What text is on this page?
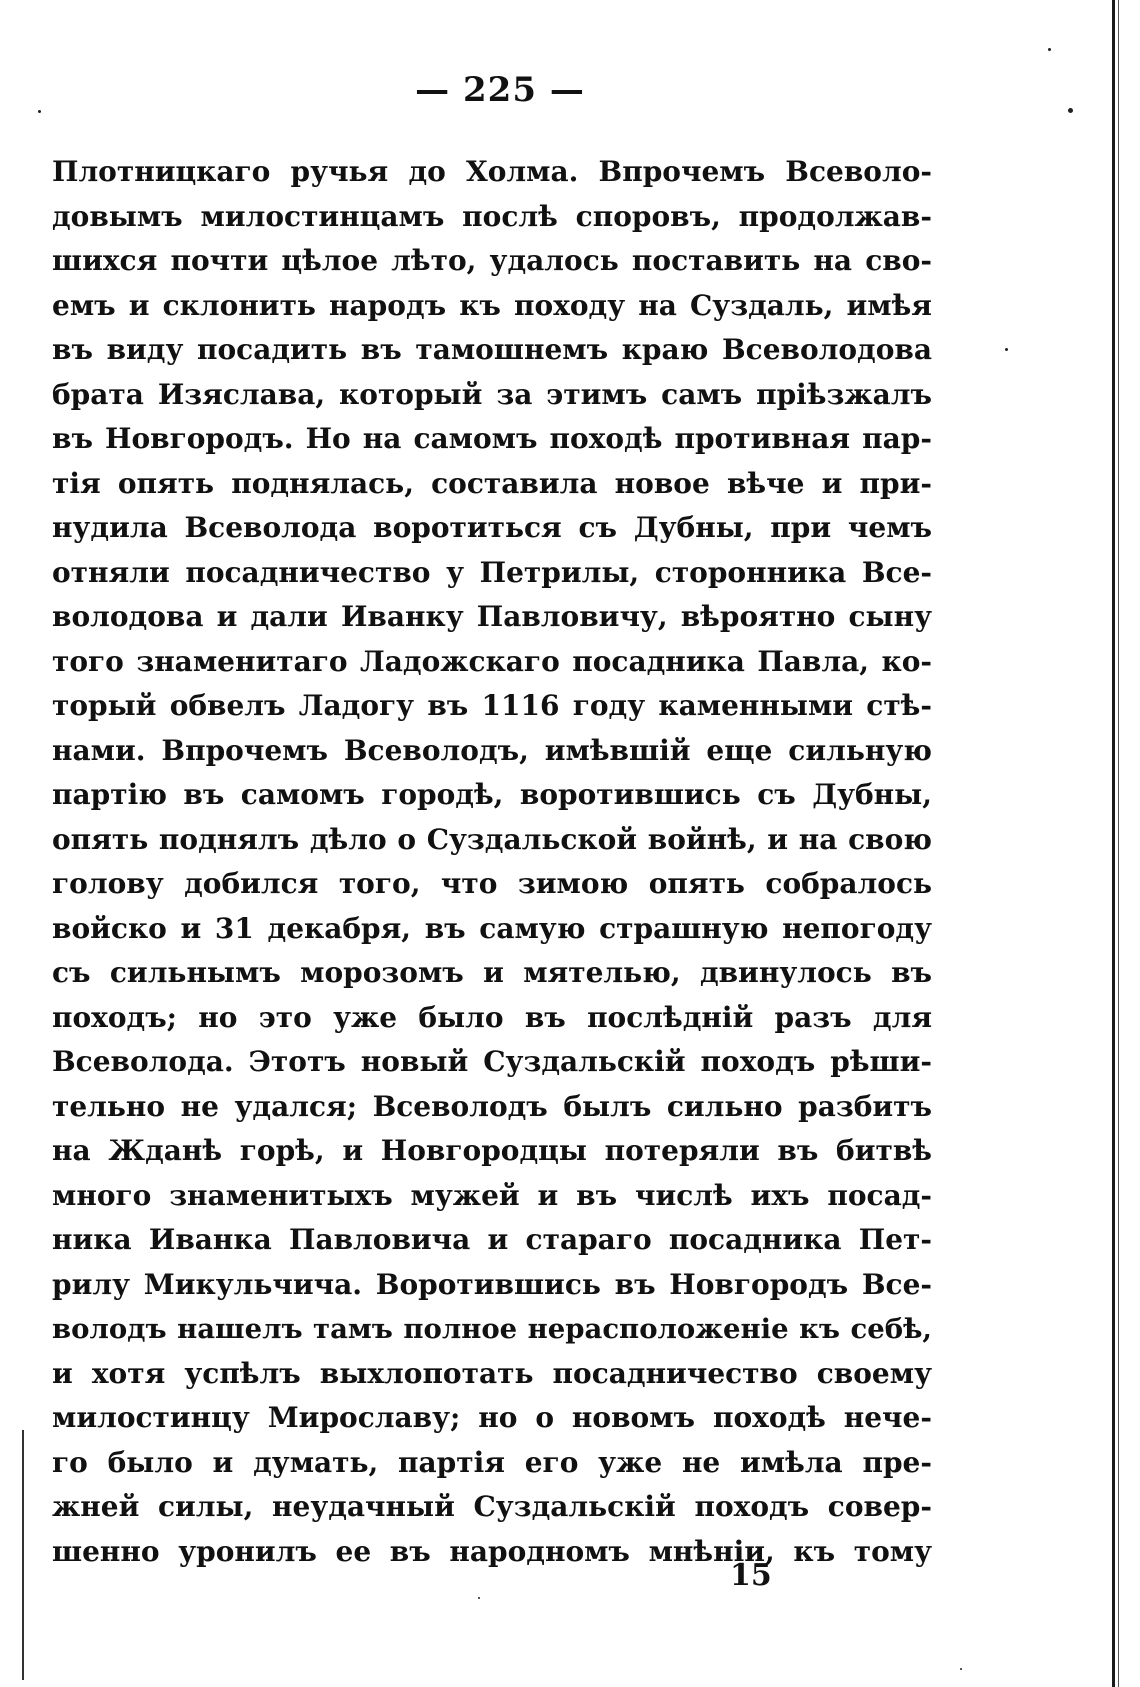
— 225 —
Плотницкаго ручья до Холма. Впрочемъ Всеволо-
довымъ милостинцамъ послѣ споровъ, продолжав-
шихся почти цѣлое лѣто, удалось поставить на сво-
емъ и склонить народъ къ походу на Суздаль, имѣя
въ виду посадить въ тамошнемъ краю Всеволодова
брата Изяслава, который за этимъ самъ прiѣзжалъ
въ Новгородъ. Но на самомъ походѣ противная пар-
тiя опять поднялась, составила новое вѣче и при-
нудила Всеволода воротиться съ Дубны, при чемъ
отняли посадничество у Петрилы, сторонника Все-
володова и дали Иванку Павловичу, вѣроятно сыну
того знаменитаго Ладожскаго посадника Павла, ко-
торый обвелъ Ладогу въ 1116 году каменными стѣ-
нами. Впрочемъ Всеволодъ, имѣвшiй еще сильную
партiю въ самомъ городѣ, воротившись съ Дубны,
опять поднялъ дѣло о Суздальской войнѣ, и на свою
голову добился того, что зимою опять собралось
войско и 31 декабря, въ самую страшную непогоду
съ сильнымъ морозомъ и мятелью, двинулось въ
походъ; но это уже было въ послѣднiй разъ для
Всеволода. Этотъ новый Суздальскiй походъ рѣши-
тельно не удался; Всеволодъ былъ сильно разбитъ
на Жданѣ горѣ, и Новгородцы потеряли въ битвѣ
много знаменитыхъ мужей и въ числѣ ихъ посад-
ника Иванка Павловича и стараго посадника Пет-
рилу Микульчича. Воротившись въ Новгородъ Все-
володъ нашелъ тамъ полное нерасположенiе къ себѣ,
и хотя успѣлъ выхлопотать посадничество своему
милостинцу Мирославу; но о новомъ походѣ нече-
го было и думать, партiя его уже не имѣла пре-
жней силы, неудачный Суздальскiй походъ совер-
шенно уронилъ ее въ народномъ мнѣнiи, къ тому
15
